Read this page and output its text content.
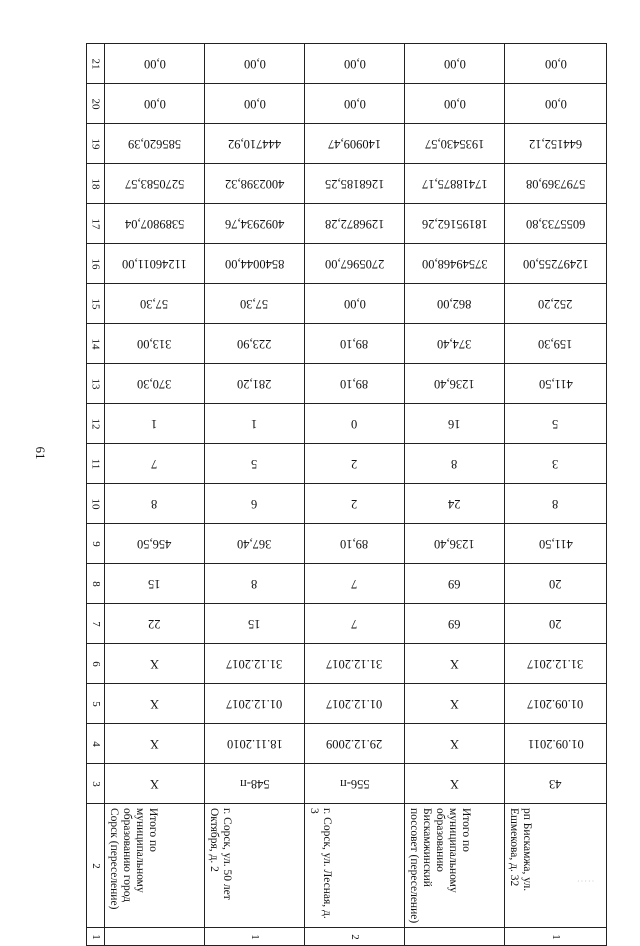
61
21	0,00	0,00	0,00	0,00	0,00
20	0,00	0,00	0,00	0,00	0,00
19	585620,39	444710,92	140909,47	1935430,57	644152,12
18	5270583,57	4002398,32	1268185,25	17418875,17	5797369,08
17	5389807,04	4092934,76	1296872,28	18195162,26	6055733,80
16	11246011,00	8540044,00	2705967,00	37549468,00	12497255,00
15	57,30	57,30	0,00	862,00	252,20
14	313,00	223,90	89,10	374,40	159,30
13	370,30	281,20	89,10	1236,40	411,50
12	1	1	0	16	5
11	7	5	2	8	3
10	8	6	2	24	8
9	456,50	367,40	89,10	1236,40	411,50
8	15	8	7	69	20
7	22	15	7	69	20
6	X	31.12.2017	31.12.2017	X	31.12.2017
5	X	01.12.2017	01.12.2017	X	01.09.2017
4	X	18.11.2010	29.12.2009	X	01.09.2011
3	X	548-п	556-п	X	43
2	Итого по муниципальному образованию город Сорск (переселение)	г. Сорск, ул. 50 лет Октября, д. 2	г. Сорск, ул. Лесная, д. 3	Итого по муниципальному образованию Бискамжинский поссовет (переселение)	рп Бискамжа, ул. Ешмекова, д. 32

1		1	2		1
·····
